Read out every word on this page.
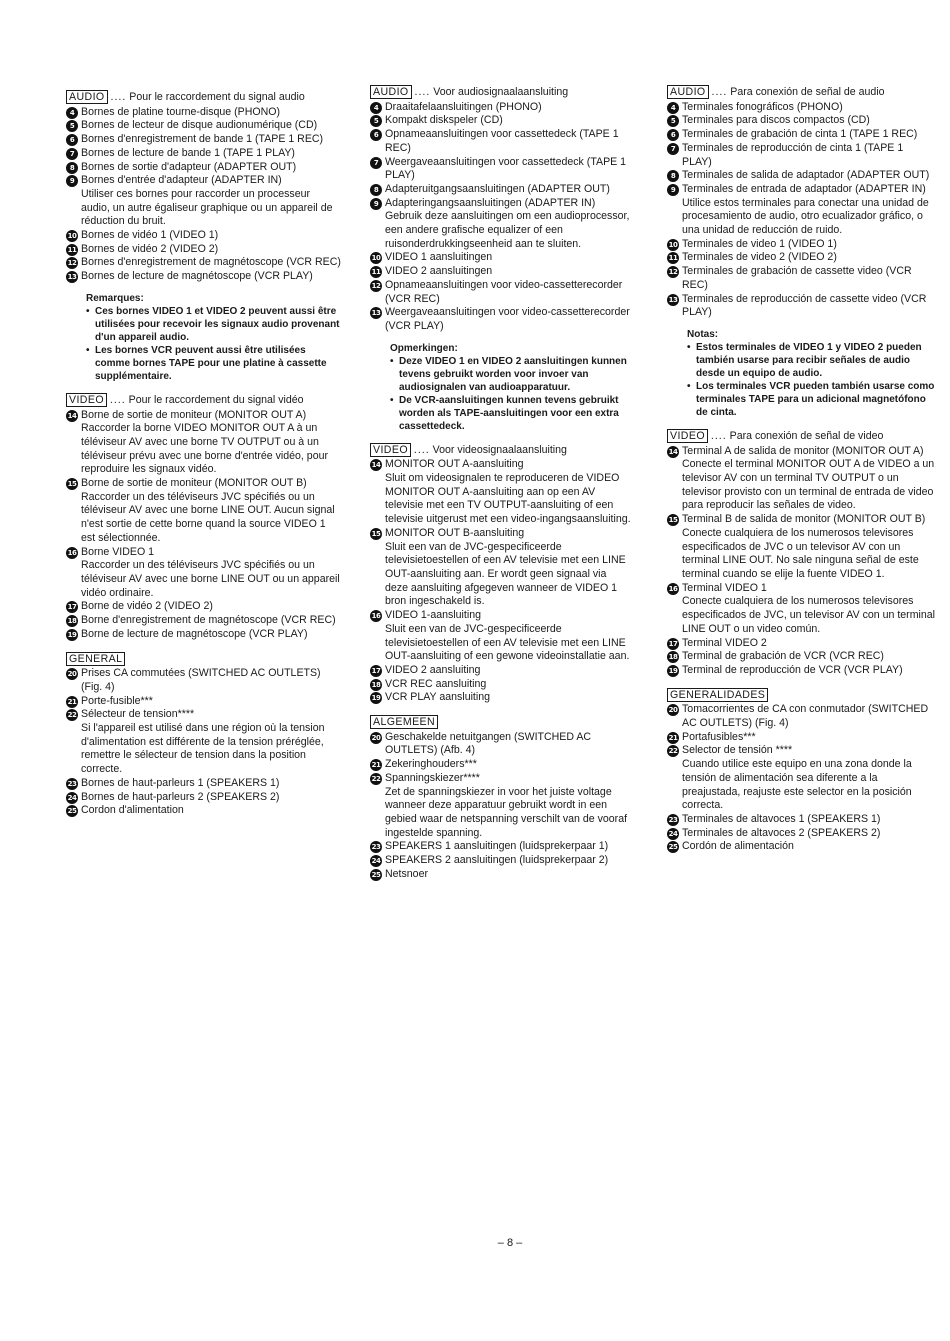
AUDIO .... Pour le raccordement du signal audio
4 Bornes de platine tourne-disque (PHONO)
5 Bornes de lecteur de disque audionumérique (CD)
6 Bornes d'enregistrement de bande 1 (TAPE 1 REC)
7 Bornes de lecture de bande 1 (TAPE 1 PLAY)
8 Bornes de sortie d'adapteur (ADAPTER OUT)
9 Bornes d'entrée d'adapteur (ADAPTER IN)
Utiliser ces bornes pour raccorder un processeur audio, un autre égaliseur graphique ou un appareil de réduction du bruit.
10 Bornes de vidéo 1 (VIDEO 1)
11 Bornes de vidéo 2 (VIDEO 2)
12 Bornes d'enregistrement de magnétoscope (VCR REC)
13 Bornes de lecture de magnétoscope (VCR PLAY)
Remarques:
• Ces bornes VIDEO 1 et VIDEO 2 peuvent aussi être utilisées pour recevoir les signaux audio provenant d'un appareil audio.
• Les bornes VCR peuvent aussi être utilisées comme bornes TAPE pour une platine à cassette supplémentaire.
VIDEO .... Pour le raccordement du signal vidéo
14 Borne de sortie de moniteur (MONITOR OUT A)
Raccorder la borne VIDEO MONITOR OUT A à un téléviseur AV avec une borne TV OUTPUT ou à un téléviseur prévu avec une borne d'entrée vidéo, pour reproduire les signaux vidéo.
15 Borne de sortie de moniteur (MONITOR OUT B)
Raccorder un des téléviseurs JVC spécifiés ou un téléviseur AV avec une borne LINE OUT. Aucun signal n'est sortie de cette borne quand la source VIDEO 1 est sélectionnée.
16 Borne VIDEO 1
Raccorder un des téléviseurs JVC spécifiés ou un téléviseur AV avec une borne LINE OUT ou un appareil vidéo ordinaire.
17 Borne de vidéo 2 (VIDEO 2)
18 Borne d'enregistrement de magnétoscope (VCR REC)
19 Borne de lecture de magnétoscope (VCR PLAY)
GENERAL
20 Prises CA commutées (SWITCHED AC OUTLETS) (Fig. 4)
21 Porte-fusible***
22 Sélecteur de tension****
Si l'appareil est utilisé dans une région où la tension d'alimentation est différente de la tension préréglée, remettre le sélecteur de tension dans la position correcte.
23 Bornes de haut-parleurs 1 (SPEAKERS 1)
24 Bornes de haut-parleurs 2 (SPEAKERS 2)
25 Cordon d'alimentation
AUDIO .... Voor audiosignaalaansluiting
4 Draaitafelaansluitingen (PHONO)
5 Kompakt diskspeler (CD)
6 Opnameaansluitingen voor cassettedeck (TAPE 1 REC)
7 Weergaveaansluitingen voor cassettedeck (TAPE 1 PLAY)
8 Adapteruitgangsaansluitingen (ADAPTER OUT)
9 Adapteringangsaansluitingen (ADAPTER IN)
Gebruik deze aansluitingen om een audioprocessor, een andere grafische equalizer of een ruisonderdrukkingseenheid aan te sluiten.
10 VIDEO 1 aansluitingen
11 VIDEO 2 aansluitingen
12 Opnameaansluitingen voor video-cassetterecorder (VCR REC)
13 Weergaveaansluitingen voor video-cassetterecorder (VCR PLAY)
Opmerkingen:
• Deze VIDEO 1 en VIDEO 2 aansluitingen kunnen tevens gebruikt worden voor invoer van audiosignalen van audioapparatuur.
• De VCR-aansluitingen kunnen tevens gebruikt worden als TAPE-aansluitingen voor een extra cassettedeck.
VIDEO .... Voor videosignaalaansluiting
14 MONITOR OUT A-aansluiting
Sluit om videosignalen te reproduceren de VIDEO MONITOR OUT A-aansluiting aan op een AV televisie met een TV OUTPUT-aansluiting of een televisie uitgerust met een video-ingangsaansluiting.
15 MONITOR OUT B-aansluiting
Sluit een van de JVC-gespecificeerde televisietoestellen of een AV televisie met een LINE OUT-aansluiting aan. Er wordt geen signaal via deze aansluiting afgegeven wanneer de VIDEO 1 bron ingeschakeld is.
16 VIDEO 1-aansluiting
Sluit een van de JVC-gespecificeerde televisietoestellen of een AV televisie met een LINE OUT-aansluiting of een gewone videoinstallatie aan.
17 VIDEO 2 aansluiting
18 VCR REC aansluiting
19 VCR PLAY aansluiting
ALGEMEEN
20 Geschakelde netuitgangen (SWITCHED AC OUTLETS) (Afb. 4)
21 Zekeringhouders***
22 Spanningskiezer****
Zet de spanningskiezer in voor het juiste voltage wanneer deze apparatuur gebruikt wordt in een gebied waar de netspanning verschilt van de vooraf ingestelde spanning.
23 SPEAKERS 1 aansluitingen (luidsprekerpaar 1)
24 SPEAKERS 2 aansluitingen (luidsprekerpaar 2)
25 Netsnoer
AUDIO .... Para conexión de señal de audio
4 Terminales fonográficos (PHONO)
5 Terminales para discos compactos (CD)
6 Terminales de grabación de cinta 1 (TAPE 1 REC)
7 Terminales de reproducción de cinta 1 (TAPE 1 PLAY)
8 Terminales de salida de adaptador (ADAPTER OUT)
9 Terminales de entrada de adaptador (ADAPTER IN)
Utilice estos terminales para conectar una unidad de procesamiento de audio, otro ecualizador gráfico, o una unidad de reducción de ruido.
10 Terminales de video 1 (VIDEO 1)
11 Terminales de video 2 (VIDEO 2)
12 Terminales de grabación de cassette video (VCR REC)
13 Terminales de reproducción de cassette video (VCR PLAY)
Notas:
• Estos terminales de VIDEO 1 y VIDEO 2 pueden también usarse para recibir señales de audio desde un equipo de audio.
• Los terminales VCR pueden también usarse como terminales TAPE para un adicional magnetófono de cinta.
VIDEO .... Para conexión de señal de video
14 Terminal A de salida de monitor (MONITOR OUT A)
Conecte el terminal MONITOR OUT A de VIDEO a un televisor AV con un terminal TV OUTPUT o un televisor provisto con un terminal de entrada de video para reproducir las señales de video.
15 Terminal B de salida de monitor (MONITOR OUT B)
Conecte cualquiera de los numerosos televisores especificados de JVC o un televisor AV con un terminal LINE OUT. No sale ninguna señal de este terminal cuando se elije la fuente VIDEO 1.
16 Terminal VIDEO 1
Conecte cualquiera de los numerosos televisores especificados de JVC, un televisor AV con un terminal LINE OUT o un video común.
17 Terminal VIDEO 2
18 Terminal de grabación de VCR (VCR REC)
19 Terminal de reproducción de VCR (VCR PLAY)
GENERALIDADES
20 Tomacorrientes de CA con conmutador (SWITCHED AC OUTLETS) (Fig. 4)
21 Portafusibles***
22 Selector de tensión ****
Cuando utilice este equipo en una zona donde la tensión de alimentación sea diferente a la preajustada, reajuste este selector en la posición correcta.
23 Terminales de altavoces 1 (SPEAKERS 1)
24 Terminales de altavoces 2 (SPEAKERS 2)
25 Cordón de alimentación
– 8 –
